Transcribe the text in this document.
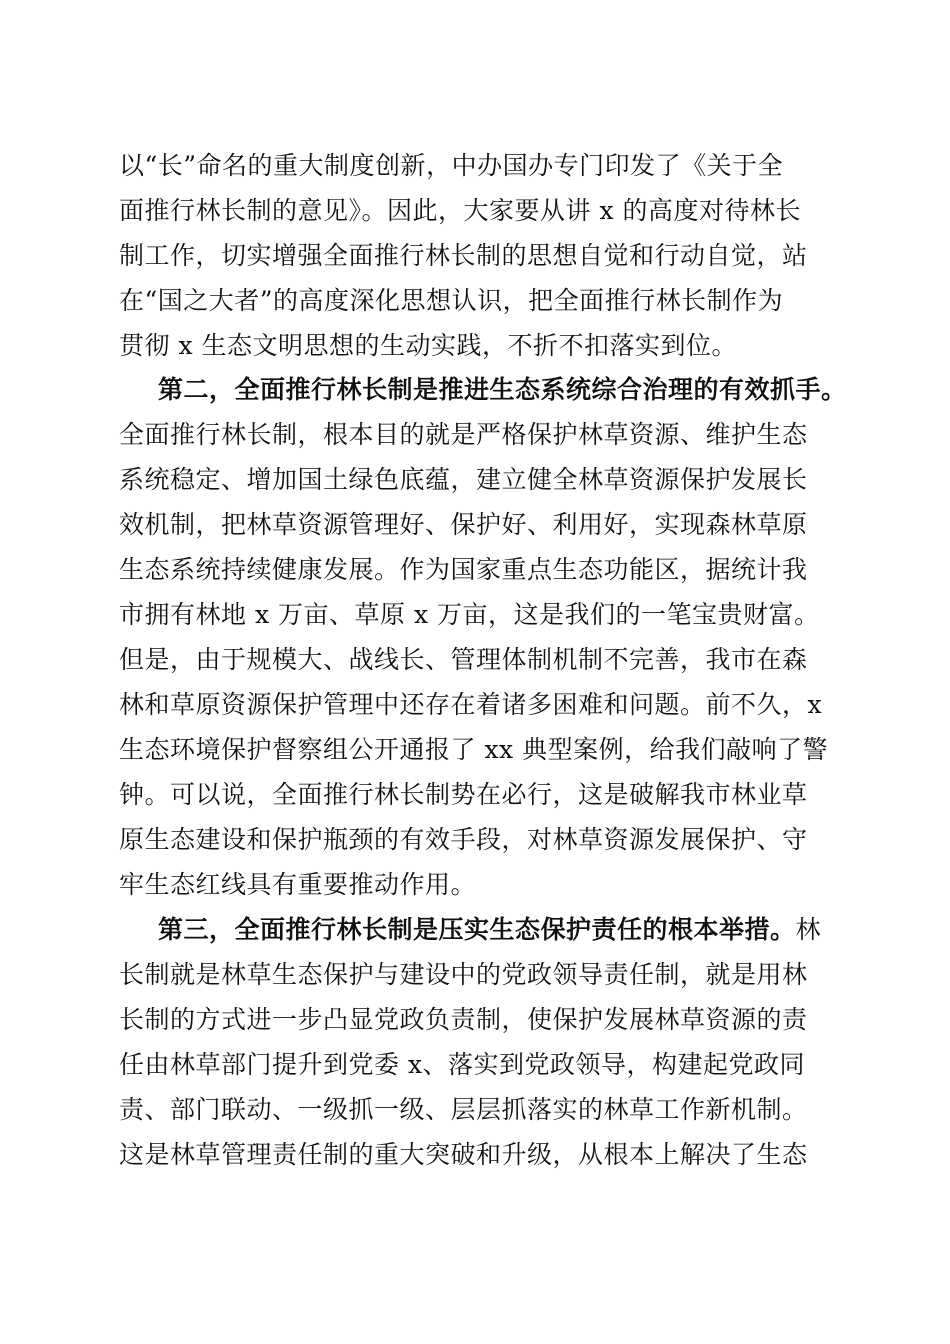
以“长”命名的重大制度创新，中办国办专门印发了《关于全
面推行林长制的意见》。因此，大家要从讲 x 的高度对待林长
制工作，切实增强全面推行林长制的思想自觉和行动自觉，站
在“国之大者”的高度深化思想认识，把全面推行林长制作为
贯彻 x 生态文明思想的生动实践，不折不扣落实到位。
第二，全面推行林长制是推进生态系统综合治理的有效抓手。
全面推行林长制，根本目的就是严格保护林草资源、维护生态
系统稳定、增加国土绿色底蕴，建立健全林草资源保护发展长
效机制，把林草资源管理好、保护好、利用好，实现森林草原
生态系统持续健康发展。作为国家重点生态功能区，据统计我
市拥有林地 x 万亩、草原 x 万亩，这是我们的一笔宝贵财富。
但是，由于规模大、战线长、管理体制机制不完善，我市在森
林和草原资源保护管理中还存在着诸多困难和问题。前不久，x
生态环境保护督察组公开通报了 xx 典型案例，给我们敲响了警
钟。可以说，全面推行林长制势在必行，这是破解我市林业草
原生态建设和保护瓶颈的有效手段，对林草资源发展保护、守
牢生态红线具有重要推动作用。
第三，全面推行林长制是压实生态保护责任的根本举措。林
长制就是林草生态保护与建设中的党政领导责任制，就是用林
长制的方式进一步凸显党政负责制，使保护发展林草资源的责
任由林草部门提升到党委 x、落实到党政领导，构建起党政同
责、部门联动、一级抓一级、层层抓落实的林草工作新机制。
这是林草管理责任制的重大突破和升级，从根本上解决了生态
